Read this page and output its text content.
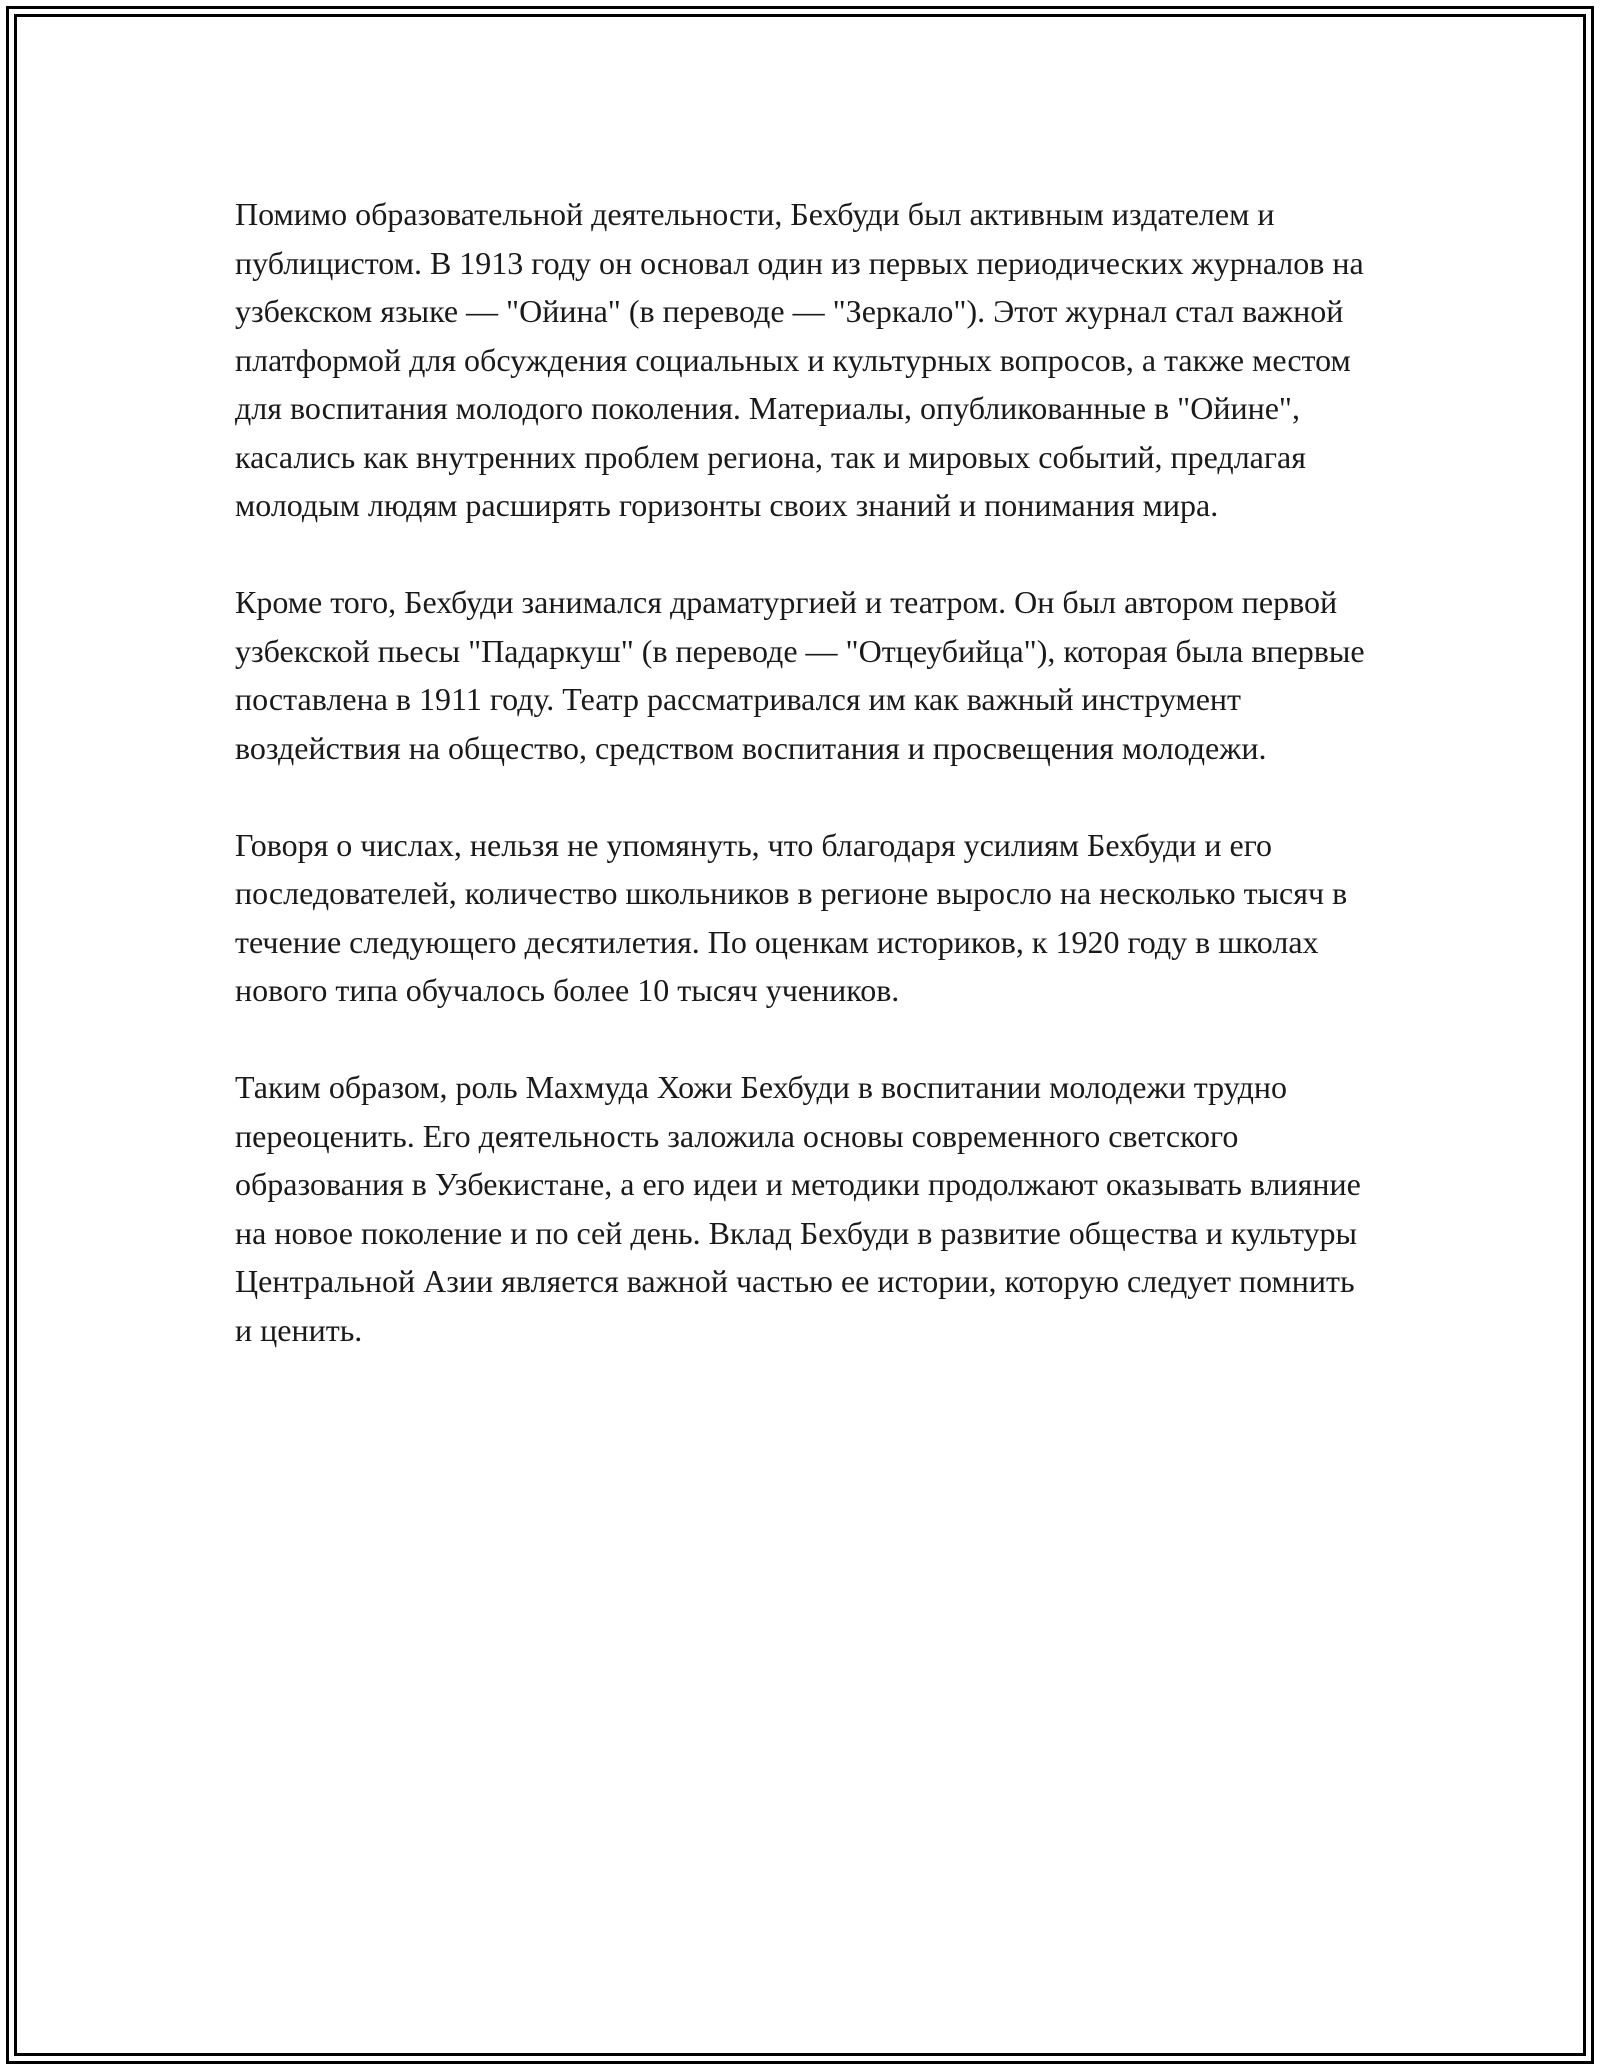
Помимо образовательной деятельности, Бехбуди был активным издателем и публицистом. В 1913 году он основал один из первых периодических журналов на узбекском языке — "Ойина" (в переводе — "Зеркало"). Этот журнал стал важной платформой для обсуждения социальных и культурных вопросов, а также местом для воспитания молодого поколения. Материалы, опубликованные в "Ойине", касались как внутренних проблем региона, так и мировых событий, предлагая молодым людям расширять горизонты своих знаний и понимания мира.

Кроме того, Бехбуди занимался драматургией и театром. Он был автором первой узбекской пьесы "Падаркуш" (в переводе — "Отцеубийца"), которая была впервые поставлена в 1911 году. Театр рассматривался им как важный инструмент воздействия на общество, средством воспитания и просвещения молодежи.

Говоря о числах, нельзя не упомянуть, что благодаря усилиям Бехбуди и его последователей, количество школьников в регионе выросло на несколько тысяч в течение следующего десятилетия. По оценкам историков, к 1920 году в школах нового типа обучалось более 10 тысяч учеников.

Таким образом, роль Махмуда Хожи Бехбуди в воспитании молодежи трудно переоценить. Его деятельность заложила основы современного светского образования в Узбекистане, а его идеи и методики продолжают оказывать влияние на новое поколение и по сей день. Вклад Бехбуди в развитие общества и культуры Центральной Азии является важной частью ее истории, которую следует помнить и ценить.
